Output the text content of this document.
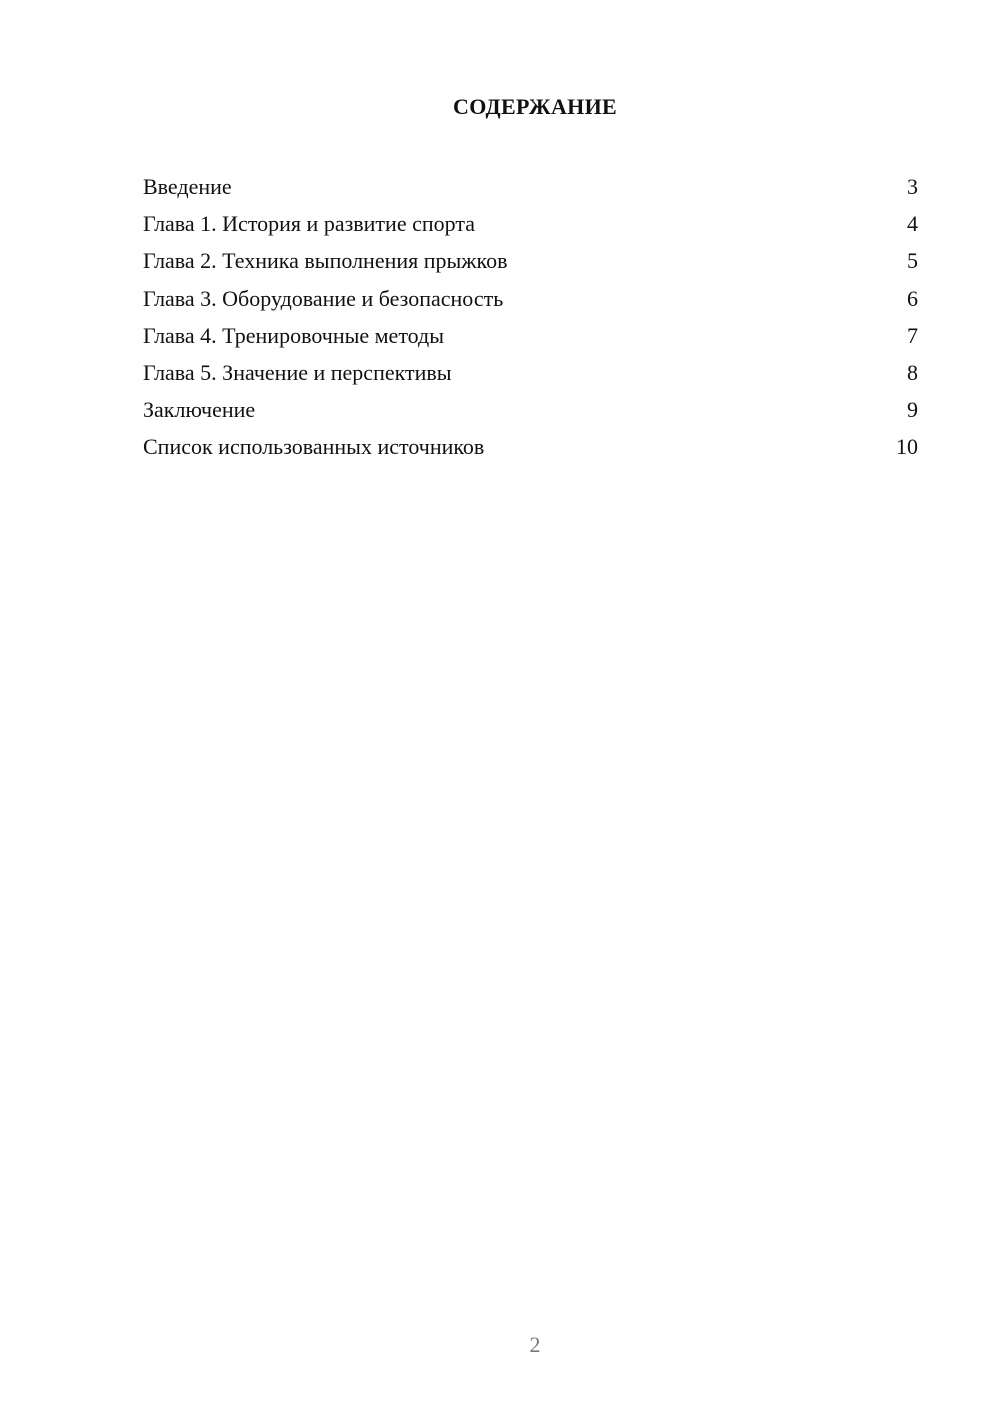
СОДЕРЖАНИЕ
Введение	3
Глава 1. История и развитие спорта	4
Глава 2. Техника выполнения прыжков	5
Глава 3. Оборудование и безопасность	6
Глава 4. Тренировочные методы	7
Глава 5. Значение и перспективы	8
Заключение	9
Список использованных источников	10
2
